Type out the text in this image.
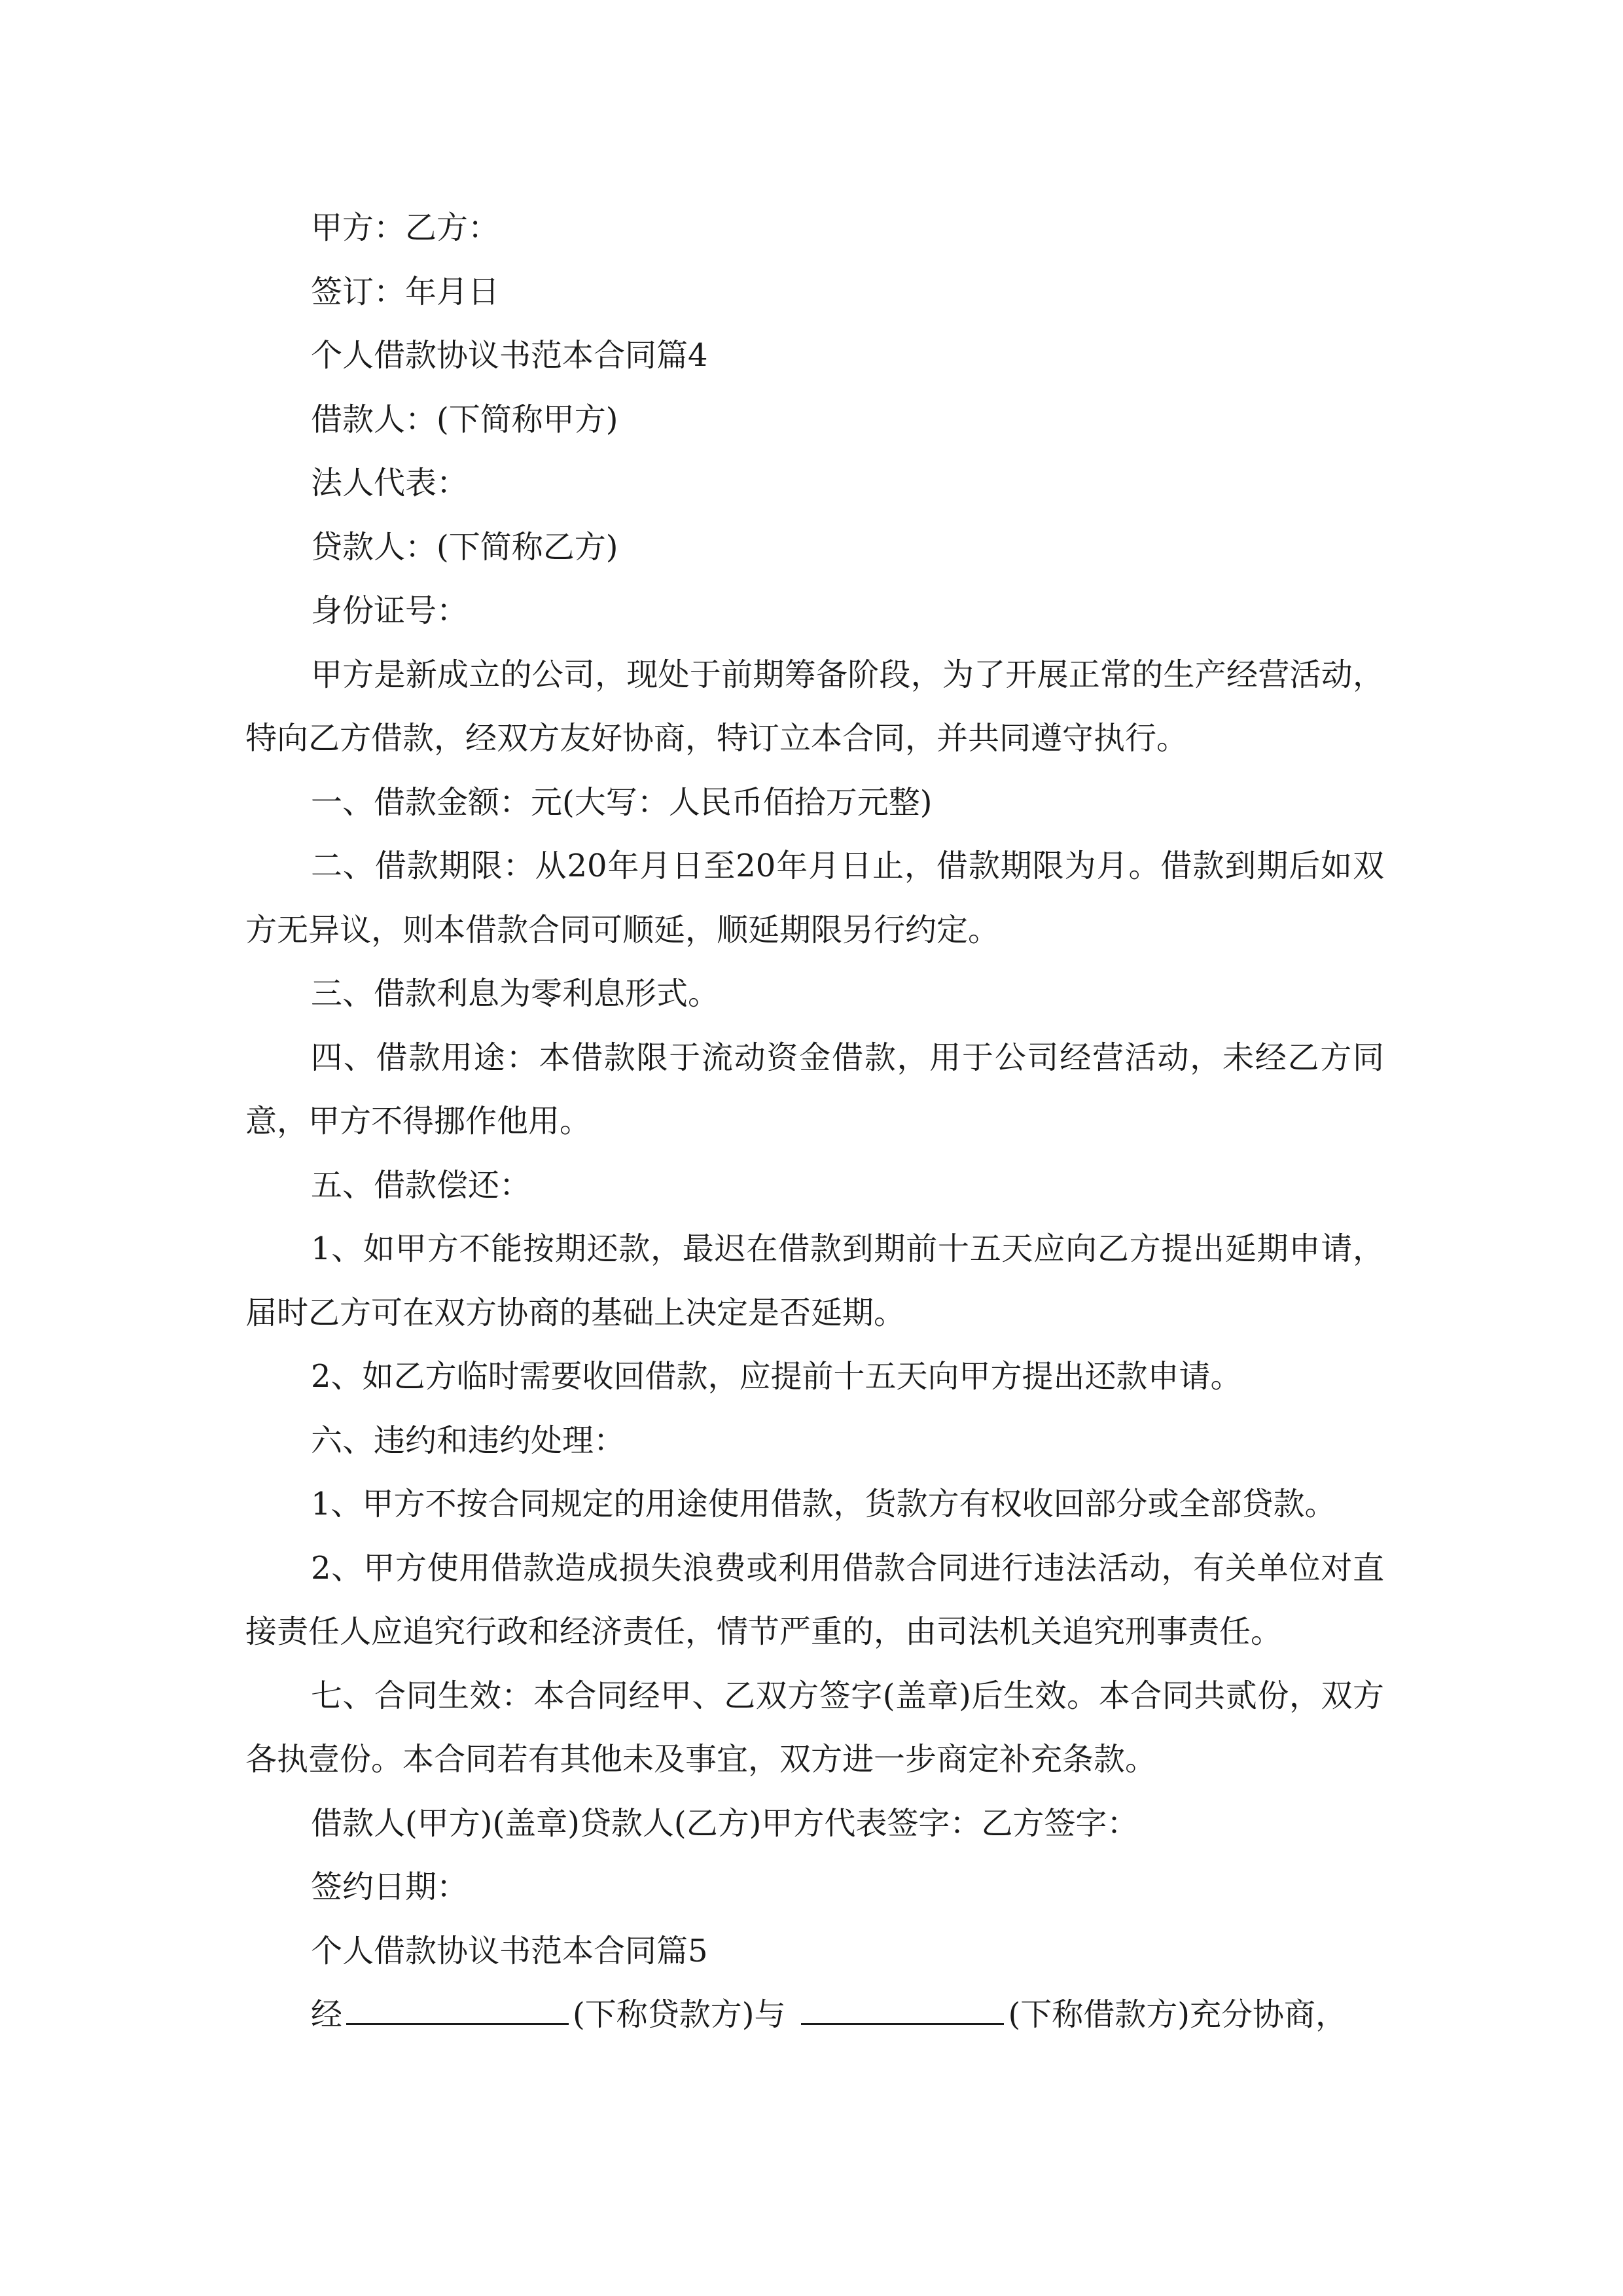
甲方：乙方：

签订：年月日

个人借款协议书范本合同篇4

借款人：(下简称甲方)

法人代表：

贷款人：(下简称乙方)

身份证号：

甲方是新成立的公司，现处于前期筹备阶段，为了开展正常的生产经营活动，特向乙方借款，经双方友好协商，特订立本合同，并共同遵守执行。

一、借款金额：元(大写：人民币佰拾万元整)

二、借款期限：从20年月日至20年月日止，借款期限为月。借款到期后如双方无异议，则本借款合同可顺延，顺延期限另行约定。

三、借款利息为零利息形式。

四、借款用途：本借款限于流动资金借款，用于公司经营活动，未经乙方同意，甲方不得挪作他用。

五、借款偿还：

1、如甲方不能按期还款，最迟在借款到期前十五天应向乙方提出延期申请，届时乙方可在双方协商的基础上决定是否延期。

2、如乙方临时需要收回借款，应提前十五天向甲方提出还款申请。

六、违约和违约处理：

1、甲方不按合同规定的用途使用借款，货款方有权收回部分或全部贷款。

2、甲方使用借款造成损失浪费或利用借款合同进行违法活动，有关单位对直接责任人应追究行政和经济责任，情节严重的，由司法机关追究刑事责任。

七、合同生效：本合同经甲、乙双方签字(盖章)后生效。本合同共贰份，双方各执壹份。本合同若有其他未及事宜，双方进一步商定补充条款。

借款人(甲方)(盖章)贷款人(乙方)甲方代表签字：乙方签字：

签约日期：

个人借款协议书范本合同篇5

经	(下称贷款方)与	(下称借款方)充分协商，
